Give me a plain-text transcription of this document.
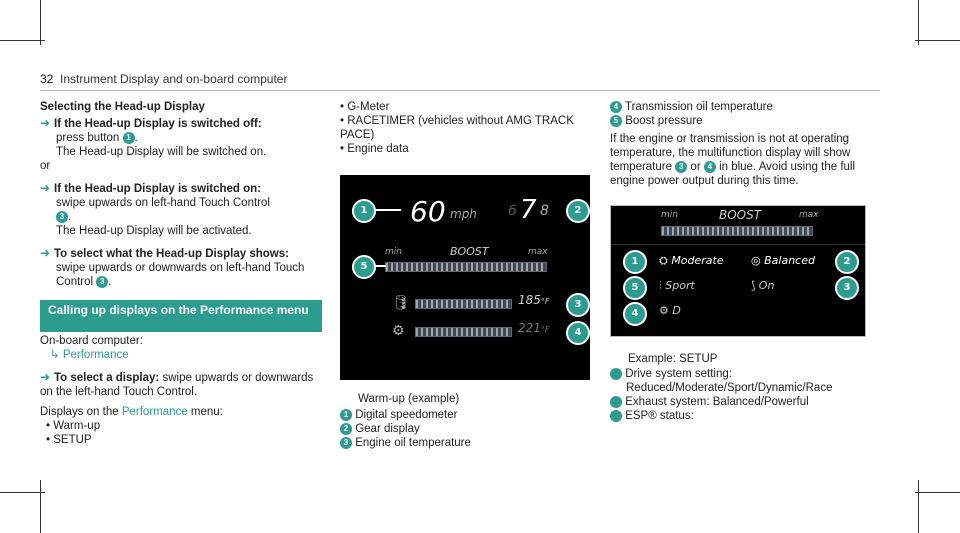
32 Instrument Display and on-board computer
Selecting the Head-up Display
➜ If the Head-up Display is switched off:
press button 1 .
The Head-up Display will be switched on.
or
➜ If the Head-up Display is switched on:
swipe upwards on left-hand Touch Control
3 .
The Head-up Display will be activated.
➜ To select what the Head-up Display shows:
swipe upwards or downwards on left-hand Touch Control 3 .
Calling up displays on the Performance menu
On-board computer:
↳ Performance
➜ To select a display: swipe upwards or downwards on the left-hand Touch Control.
Displays on the Performance menu:
• Warm-up
• SETUP
• G-Meter
• RACETIMER (vehicles without AMG TRACK PACE)
• Engine data
60 mph 6 7 8
min	BOOST	max
🛢	185°F
⚙	221°F
1	2
5
3
4
Warm-up (example)
1 Digital speedometer
2 Gear display
3 Engine oil temperature
4 Transmission oil temperature
5 Boost pressure
If the engine or transmission is not at operating temperature, the multifunction display will show temperature 3 or 4 in blue. Avoid using the full engine power output during this time.
min	BOOST	max
⛭ Moderate ◎ Balanced
⫶ Sport	⟆ On
⚙ D
1	2
5	3
4
Example: SETUP
1 Drive system setting: Reduced/Moderate/Sport/Dynamic/Race
2 Exhaust system: Balanced/Powerful
3 ESP® status:
